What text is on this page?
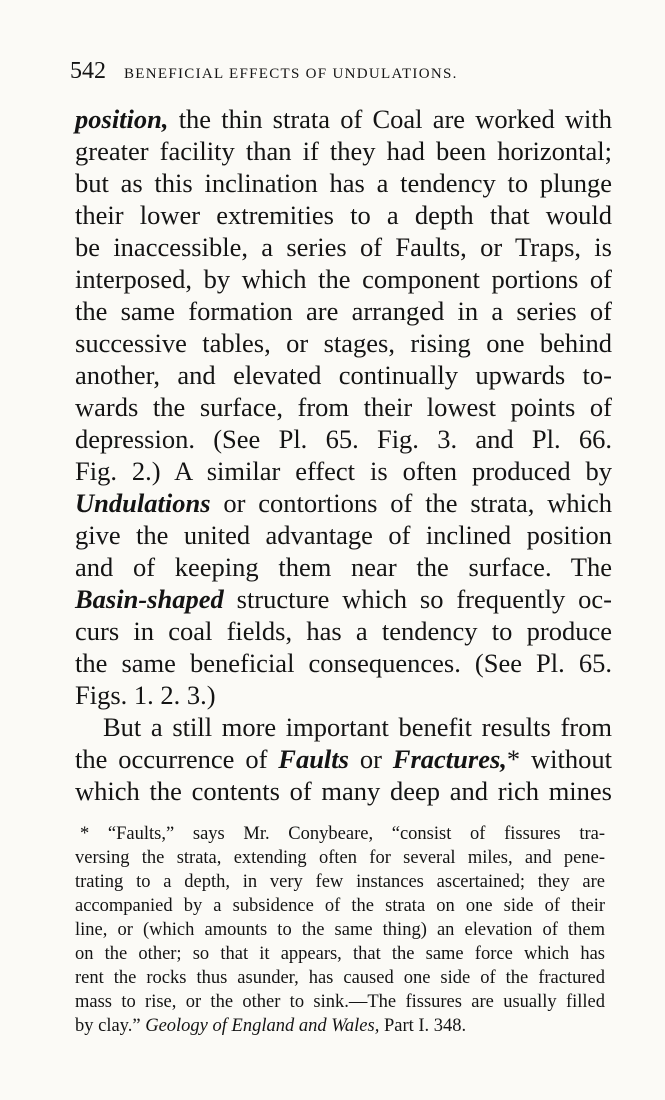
542 BENEFICIAL EFFECTS OF UNDULATIONS.
position, the thin strata of Coal are worked with
greater facility than if they had been horizontal;
but as this inclination has a tendency to plunge
their lower extremities to a depth that would
be inaccessible, a series of Faults, or Traps, is
interposed, by which the component portions of
the same formation are arranged in a series of
successive tables, or stages, rising one behind
another, and elevated continually upwards to-
wards the surface, from their lowest points of
depression. (See Pl. 65. Fig. 3. and Pl. 66.
Fig. 2.) A similar effect is often produced by
Undulations or contortions of the strata, which
give the united advantage of inclined position
and of keeping them near the surface. The
Basin-shaped structure which so frequently oc-
curs in coal fields, has a tendency to produce
the same beneficial consequences. (See Pl. 65.
Figs. 1. 2. 3.)
But a still more important benefit results from
the occurrence of Faults or Fractures,* without
which the contents of many deep and rich mines
* “Faults,” says Mr. Conybeare, “consist of fissures tra-
versing the strata, extending often for several miles, and pene-
trating to a depth, in very few instances ascertained; they are
accompanied by a subsidence of the strata on one side of their
line, or (which amounts to the same thing) an elevation of them
on the other; so that it appears, that the same force which has
rent the rocks thus asunder, has caused one side of the fractured
mass to rise, or the other to sink.—The fissures are usually filled
by clay.” Geology of England and Wales, Part I. 348.
